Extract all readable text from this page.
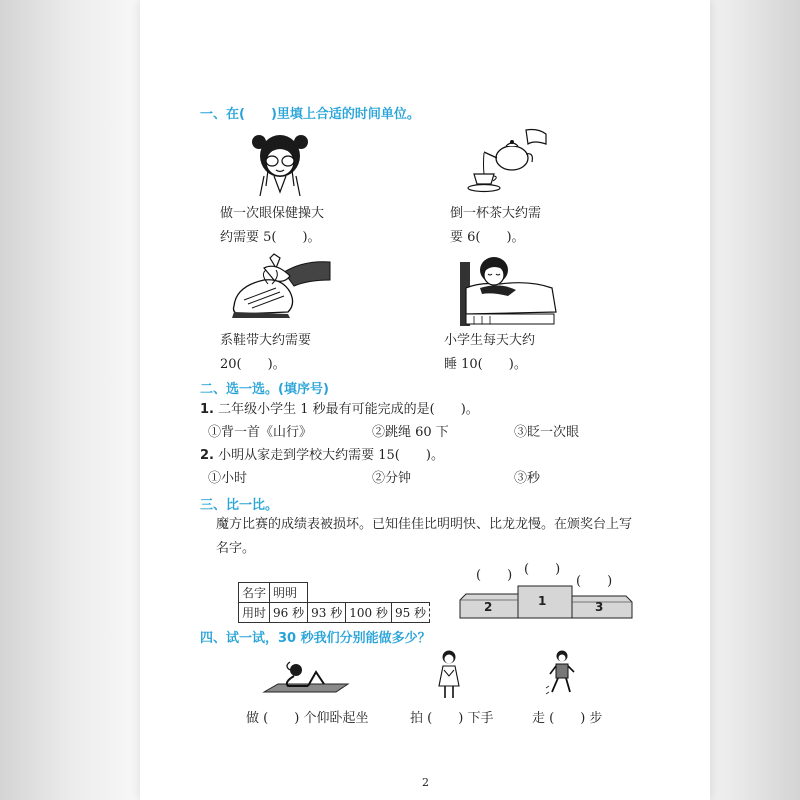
一、在(　　)里填上合适的时间单位。
做一次眼保健操大
约需要 5(　　)。
倒一杯茶大约需
要 6(　　)。
系鞋带大约需要
20(　　)。
小学生每天大约
睡 10(　　)。
二、选一选。(填序号)
1. 二年级小学生 1 秒最有可能完成的是(　　)。
①背一首《山行》	②跳绳 60 下	③眨一次眼
2. 小明从家走到学校大约需要 15(　　)。
①小时	②分钟	③秒
三、比一比。
魔方比赛的成绩表被损坏。已知佳佳比明明快、比龙龙慢。在颁奖台上写
名字。
名字	明明			
用时	96 秒	93 秒	100 秒	95 秒
(　　) (　　)
(　　)
2	1	3
四、试一试，30 秒我们分别能做多少？
做 (　　) 个仰卧起坐	拍 (　　) 下手	走 (　　) 步
2
